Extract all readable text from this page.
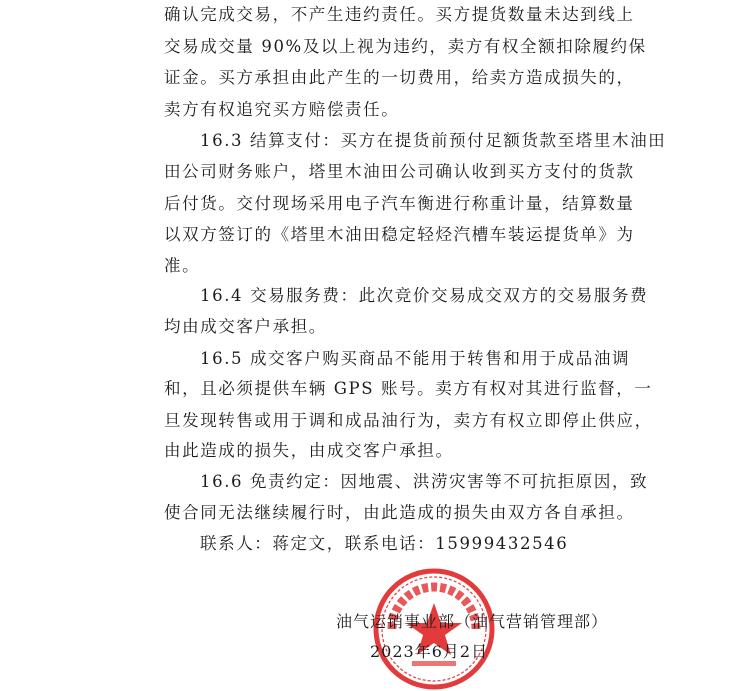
确认完成交易，不产生违约责任。买方提货数量未达到线上
交易成交量 90%及以上视为违约，卖方有权全额扣除履约保
证金。买方承担由此产生的一切费用，给卖方造成损失的，
卖方有权追究买方赔偿责任。
16.3 结算支付：买方在提货前预付足额货款至塔里木油田
田公司财务账户，塔里木油田公司确认收到买方支付的货款
后付货。交付现场采用电子汽车衡进行称重计量，结算数量
以双方签订的《塔里木油田稳定轻烃汽槽车装运提货单》为
准。
16.4 交易服务费：此次竞价交易成交双方的交易服务费
均由成交客户承担。
16.5 成交客户购买商品不能用于转售和用于成品油调
和，且必须提供车辆 GPS 账号。卖方有权对其进行监督，一
旦发现转售或用于调和成品油行为，卖方有权立即停止供应，
由此造成的损失，由成交客户承担。
16.6 免责约定：因地震、洪涝灾害等不可抗拒原因，致
使合同无法继续履行时，由此造成的损失由双方各自承担。
联系人：蒋定文，联系电话：15999432546
油气运销事业部（油气营销管理部）
2023年6月2日
